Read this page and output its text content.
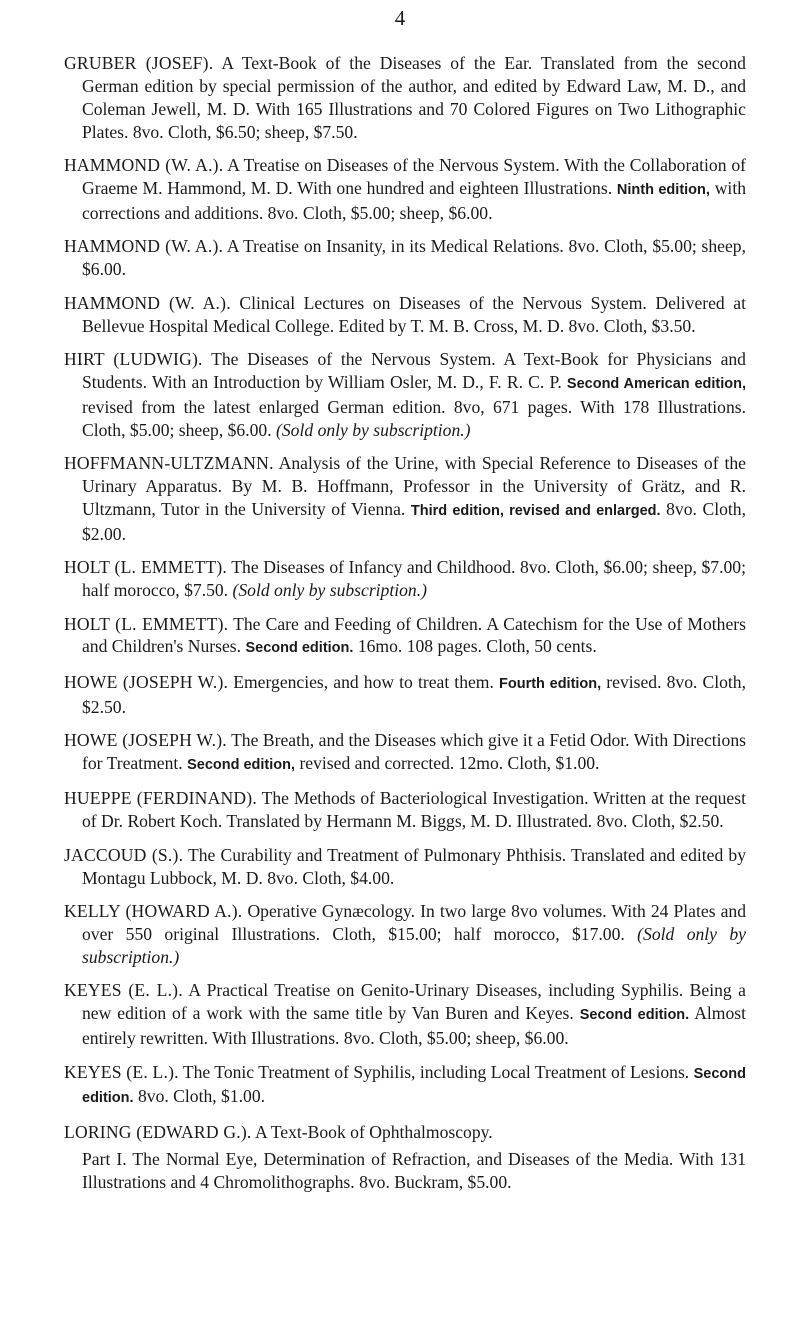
4

GRUBER (JOSEF). A Text-Book of the Diseases of the Ear. Translated from the second German edition by special permission of the author, and edited by Edward Law, M. D., and Coleman Jewell, M. D. With 165 Illustrations and 70 Colored Figures on Two Lithographic Plates. 8vo. Cloth, $6.50; sheep, $7.50.

HAMMOND (W. A.). A Treatise on Diseases of the Nervous System. With the Collaboration of Graeme M. Hammond, M. D. With one hundred and eighteen Illustrations. Ninth edition, with corrections and additions. 8vo. Cloth, $5.00; sheep, $6.00.

HAMMOND (W. A.). A Treatise on Insanity, in its Medical Relations. 8vo. Cloth, $5.00; sheep, $6.00.

HAMMOND (W. A.). Clinical Lectures on Diseases of the Nervous System. Delivered at Bellevue Hospital Medical College. Edited by T. M. B. Cross, M. D. 8vo. Cloth, $3.50.

HIRT (LUDWIG). The Diseases of the Nervous System. A Text-Book for Physicians and Students. With an Introduction by William Osler, M. D., F. R. C. P. Second American edition, revised from the latest enlarged German edition. 8vo, 671 pages. With 178 Illustrations. Cloth, $5.00; sheep, $6.00. (Sold only by subscription.)

HOFFMANN-ULTZMANN. Analysis of the Urine, with Special Reference to Diseases of the Urinary Apparatus. By M. B. Hoffmann, Professor in the University of Grätz, and R. Ultzmann, Tutor in the University of Vienna. Third edition, revised and enlarged. 8vo. Cloth, $2.00.

HOLT (L. EMMETT). The Diseases of Infancy and Childhood. 8vo. Cloth, $6.00; sheep, $7.00; half morocco, $7.50. (Sold only by subscription.)

HOLT (L. EMMETT). The Care and Feeding of Children. A Catechism for the Use of Mothers and Children's Nurses. Second edition. 16mo. 108 pages. Cloth, 50 cents.

HOWE (JOSEPH W.). Emergencies, and how to treat them. Fourth edition, revised. 8vo. Cloth, $2.50.

HOWE (JOSEPH W.). The Breath, and the Diseases which give it a Fetid Odor. With Directions for Treatment. Second edition, revised and corrected. 12mo. Cloth, $1.00.

HUEPPE (FERDINAND). The Methods of Bacteriological Investigation. Written at the request of Dr. Robert Koch. Translated by Hermann M. Biggs, M. D. Illustrated. 8vo. Cloth, $2.50.

JACCOUD (S.). The Curability and Treatment of Pulmonary Phthisis. Translated and edited by Montagu Lubbock, M. D. 8vo. Cloth, $4.00.

KELLY (HOWARD A.). Operative Gynæcology. In two large 8vo volumes. With 24 Plates and over 550 original Illustrations. Cloth, $15.00; half morocco, $17.00. (Sold only by subscription.)

KEYES (E. L.). A Practical Treatise on Genito-Urinary Diseases, including Syphilis. Being a new edition of a work with the same title by Van Buren and Keyes. Second edition. Almost entirely rewritten. With Illustrations. 8vo. Cloth, $5.00; sheep, $6.00.

KEYES (E. L.). The Tonic Treatment of Syphilis, including Local Treatment of Lesions. Second edition. 8vo. Cloth, $1.00.

LORING (EDWARD G.). A Text-Book of Ophthalmoscopy.

Part I. The Normal Eye, Determination of Refraction, and Diseases of the Media. With 131 Illustrations and 4 Chromolithographs. 8vo. Buckram, $5.00.
